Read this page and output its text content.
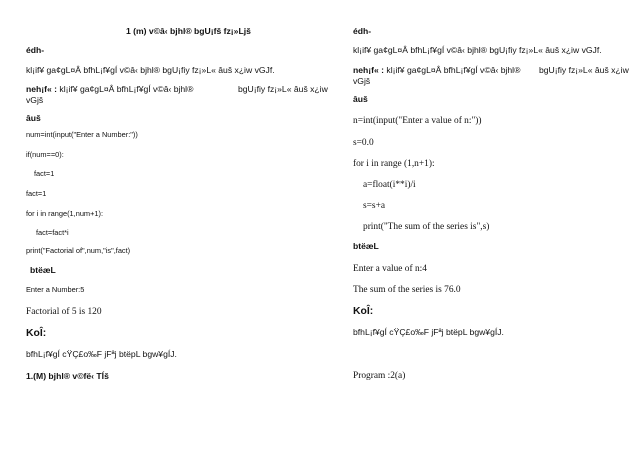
1 (m) v©â‹ bjhl® bgU¡fš fz¡»Ljš
édh-
kl¡if¥ ga¢gL¤Â bfhL¡f¥gÍ v©â‹ bjhl® bgU¡fiy fz¡»L« âuš x¿iw vGJf.
neh¡f« : kl¡if¥ ga¢gL¤Â bfhL¡f¥gÍ v©â‹ bjhl®	bgU¡fiy fz¡»L« âuš x¿iw
vGjš
âuš
num=int(input("Enter a Number:"))
if(num==0):
fact=1
fact=1
for i in range(1,num+1):
fact=fact*i
print("Factorial of",num,"is",fact)
btëæL
Enter a Number:5
Factorial of 5 is 120
KoÎ:
bfhL¡f¥gÍ cŸÇ£o‰F jFªj btëpL bgw¥gÍJ.
1.(M) bjhl® v©fë‹ TÍš
édh-
kl¡if¥ ga¢gL¤Â bfhL¡f¥gÍ v©â‹ bjhl® bgU¡fiy fz¡»L« âuš x¿iw vGJf.
neh¡f« : kl¡if¥ ga¢gL¤Â bfhL¡f¥gÍ v©â‹ bjhl® bgU¡fiy fz¡»L« âuš x¿iw
vGjš
âuš
n=int(input("Enter a value of n:"))
s=0.0
for i in range (1,n+1):
a=float(i**i)/i
s=s+a
print("The sum of the series is",s)
btëæL
Enter a value of n:4
The sum of the series is 76.0
KoÎ:
bfhL¡f¥gÍ cŸÇ£o‰F jFªj btëpL bgw¥gÍJ.
Program :2(a)
